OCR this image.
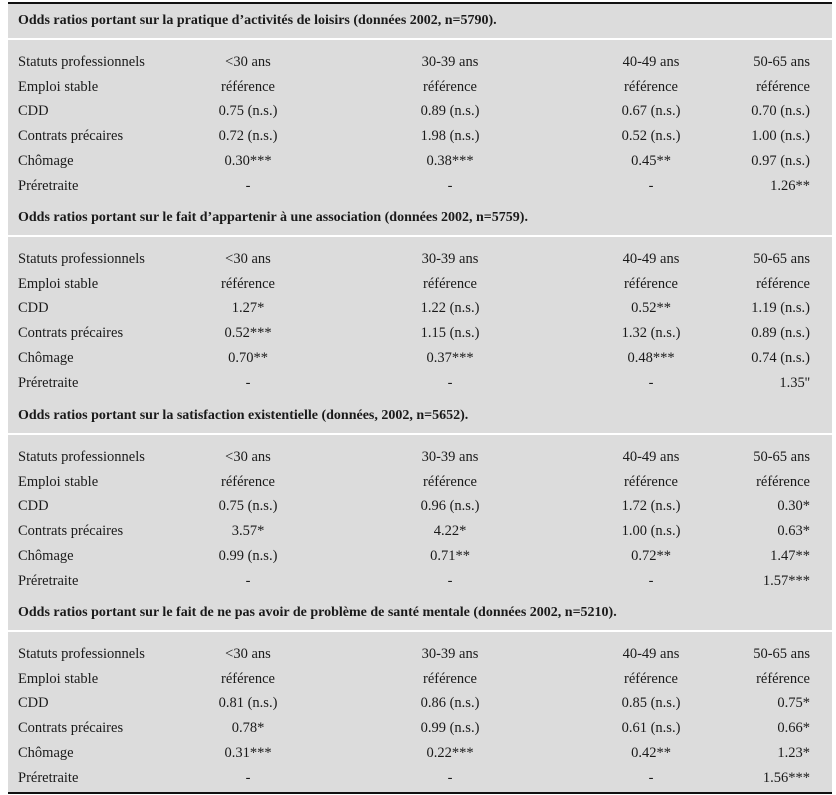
Odds ratios portant sur la pratique d’activités de loisirs (données 2002, n=5790).
Statuts professionnels	<30 ans	30-39 ans	40-49 ans	50-65 ans
Emploi stable	référence	référence	référence	référence
CDD	0.75 (n.s.)	0.89 (n.s.)	0.67 (n.s.)	0.70 (n.s.)
Contrats précaires	0.72 (n.s.)	1.98 (n.s.)	0.52 (n.s.)	1.00 (n.s.)
Chômage	0.30***	0.38***	0.45**	0.97 (n.s.)
Préretraite	-	-	-	1.26**
Odds ratios portant sur le fait d’appartenir à une association (données 2002, n=5759).
Statuts professionnels	<30 ans	30-39 ans	40-49 ans	50-65 ans
Emploi stable	référence	référence	référence	référence
CDD	1.27*	1.22 (n.s.)	0.52**	1.19 (n.s.)
Contrats précaires	0.52***	1.15 (n.s.)	1.32 (n.s.)	0.89 (n.s.)
Chômage	0.70**	0.37***	0.48***	0.74 (n.s.)
Préretraite	-	-	-	1.35''
Odds ratios portant sur la satisfaction existentielle (données, 2002, n=5652).
Statuts professionnels	<30 ans	30-39 ans	40-49 ans	50-65 ans
Emploi stable	référence	référence	référence	référence
CDD	0.75 (n.s.)	0.96 (n.s.)	1.72 (n.s.)	0.30*
Contrats précaires	3.57*	4.22*	1.00 (n.s.)	0.63*
Chômage	0.99 (n.s.)	0.71**	0.72**	1.47**
Préretraite	-	-	-	1.57***
Odds ratios portant sur le fait de ne pas avoir de problème de santé mentale (données 2002, n=5210).
Statuts professionnels	<30 ans	30-39 ans	40-49 ans	50-65 ans
Emploi stable	référence	référence	référence	référence
CDD	0.81 (n.s.)	0.86 (n.s.)	0.85 (n.s.)	0.75*
Contrats précaires	0.78*	0.99 (n.s.)	0.61 (n.s.)	0.66*
Chômage	0.31***	0.22***	0.42**	1.23*
Préretraite	-	-	-	1.56***
